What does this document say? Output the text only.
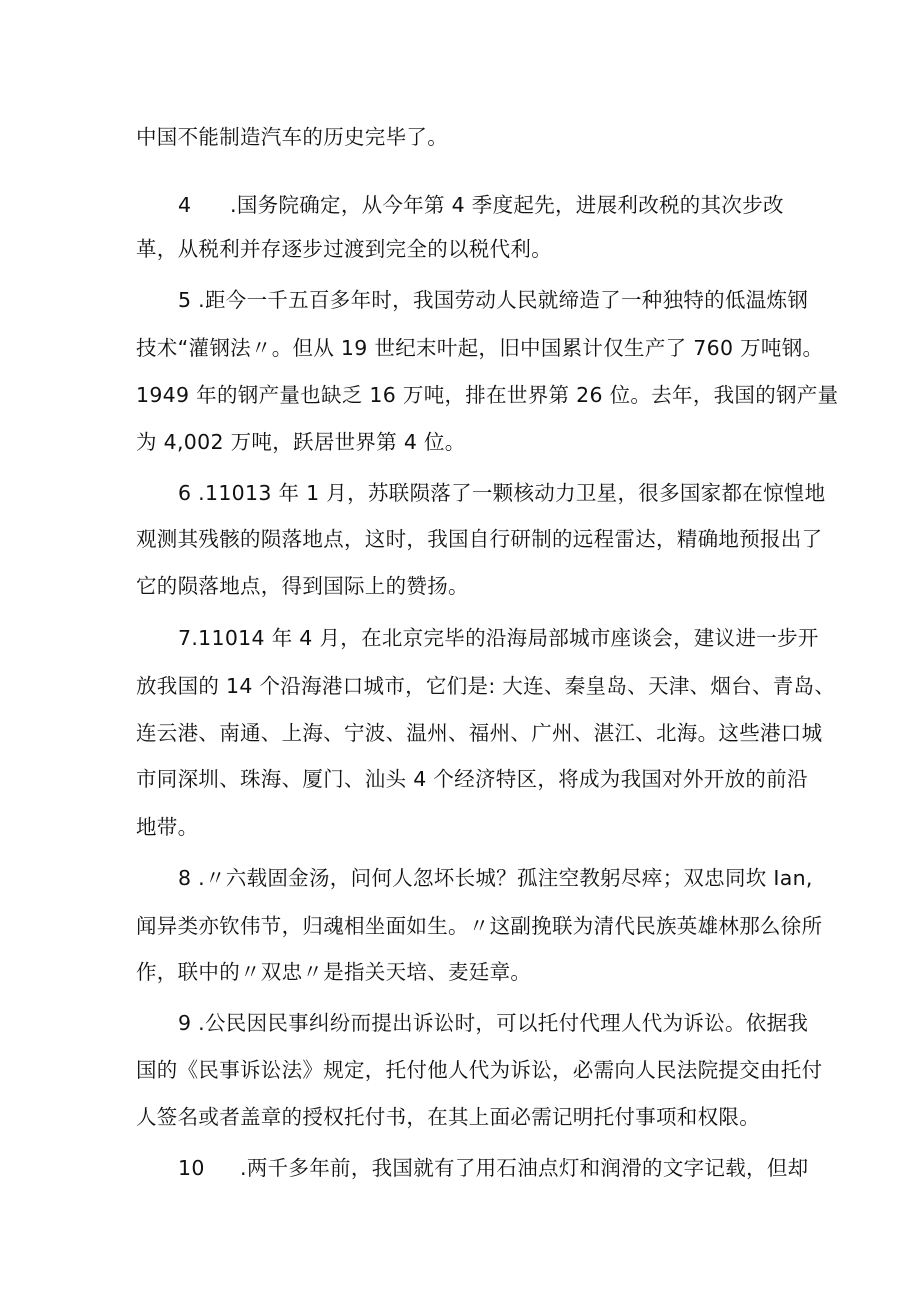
中国不能制造汽车的历史完毕了。
4 .国务院确定，从今年第 4 季度起先，进展利改税的其次步改
革，从税利并存逐步过渡到完全的以税代利。
5 .距今一千五百多年时，我国劳动人民就缔造了一种独特的低温炼钢
技术“灌钢法〃。但从 19 世纪末叶起，旧中国累计仅生产了 760 万吨钢。
1949 年的钢产量也缺乏 16 万吨，排在世界第 26 位。去年，我国的钢产量
为 4,002 万吨，跃居世界第 4 位。
6 .11013 年 1 月，苏联陨落了一颗核动力卫星，很多国家都在惊惶地
观测其残骸的陨落地点，这时，我国自行研制的远程雷达，精确地预报出了
它的陨落地点，得到国际上的赞扬。
7.11014 年 4 月，在北京完毕的沿海局部城市座谈会，建议进一步开
放我国的 14 个沿海港口城市，它们是: 大连、秦皇岛、天津、烟台、青岛、
连云港、南通、上海、宁波、温州、福州、广州、湛江、北海。这些港口城
市同深圳、珠海、厦门、汕头 4 个经济特区，将成为我国对外开放的前沿
地带。
8 .〃六载固金汤，问何人忽坏长城？孤注空教躬尽瘁；双忠同坎 Ian,
闻异类亦钦伟节，归魂相坐面如生。〃这副挽联为清代民族英雄林那么徐所
作，联中的〃双忠〃是指关天培、麦廷章。
9 .公民因民事纠纷而提出诉讼时，可以托付代理人代为诉讼。依据我
国的《民事诉讼法》规定，托付他人代为诉讼，必需向人民法院提交由托付
人签名或者盖章的授权托付书，在其上面必需记明托付事项和权限。
10 .两千多年前，我国就有了用石油点灯和润滑的文字记载，但却
